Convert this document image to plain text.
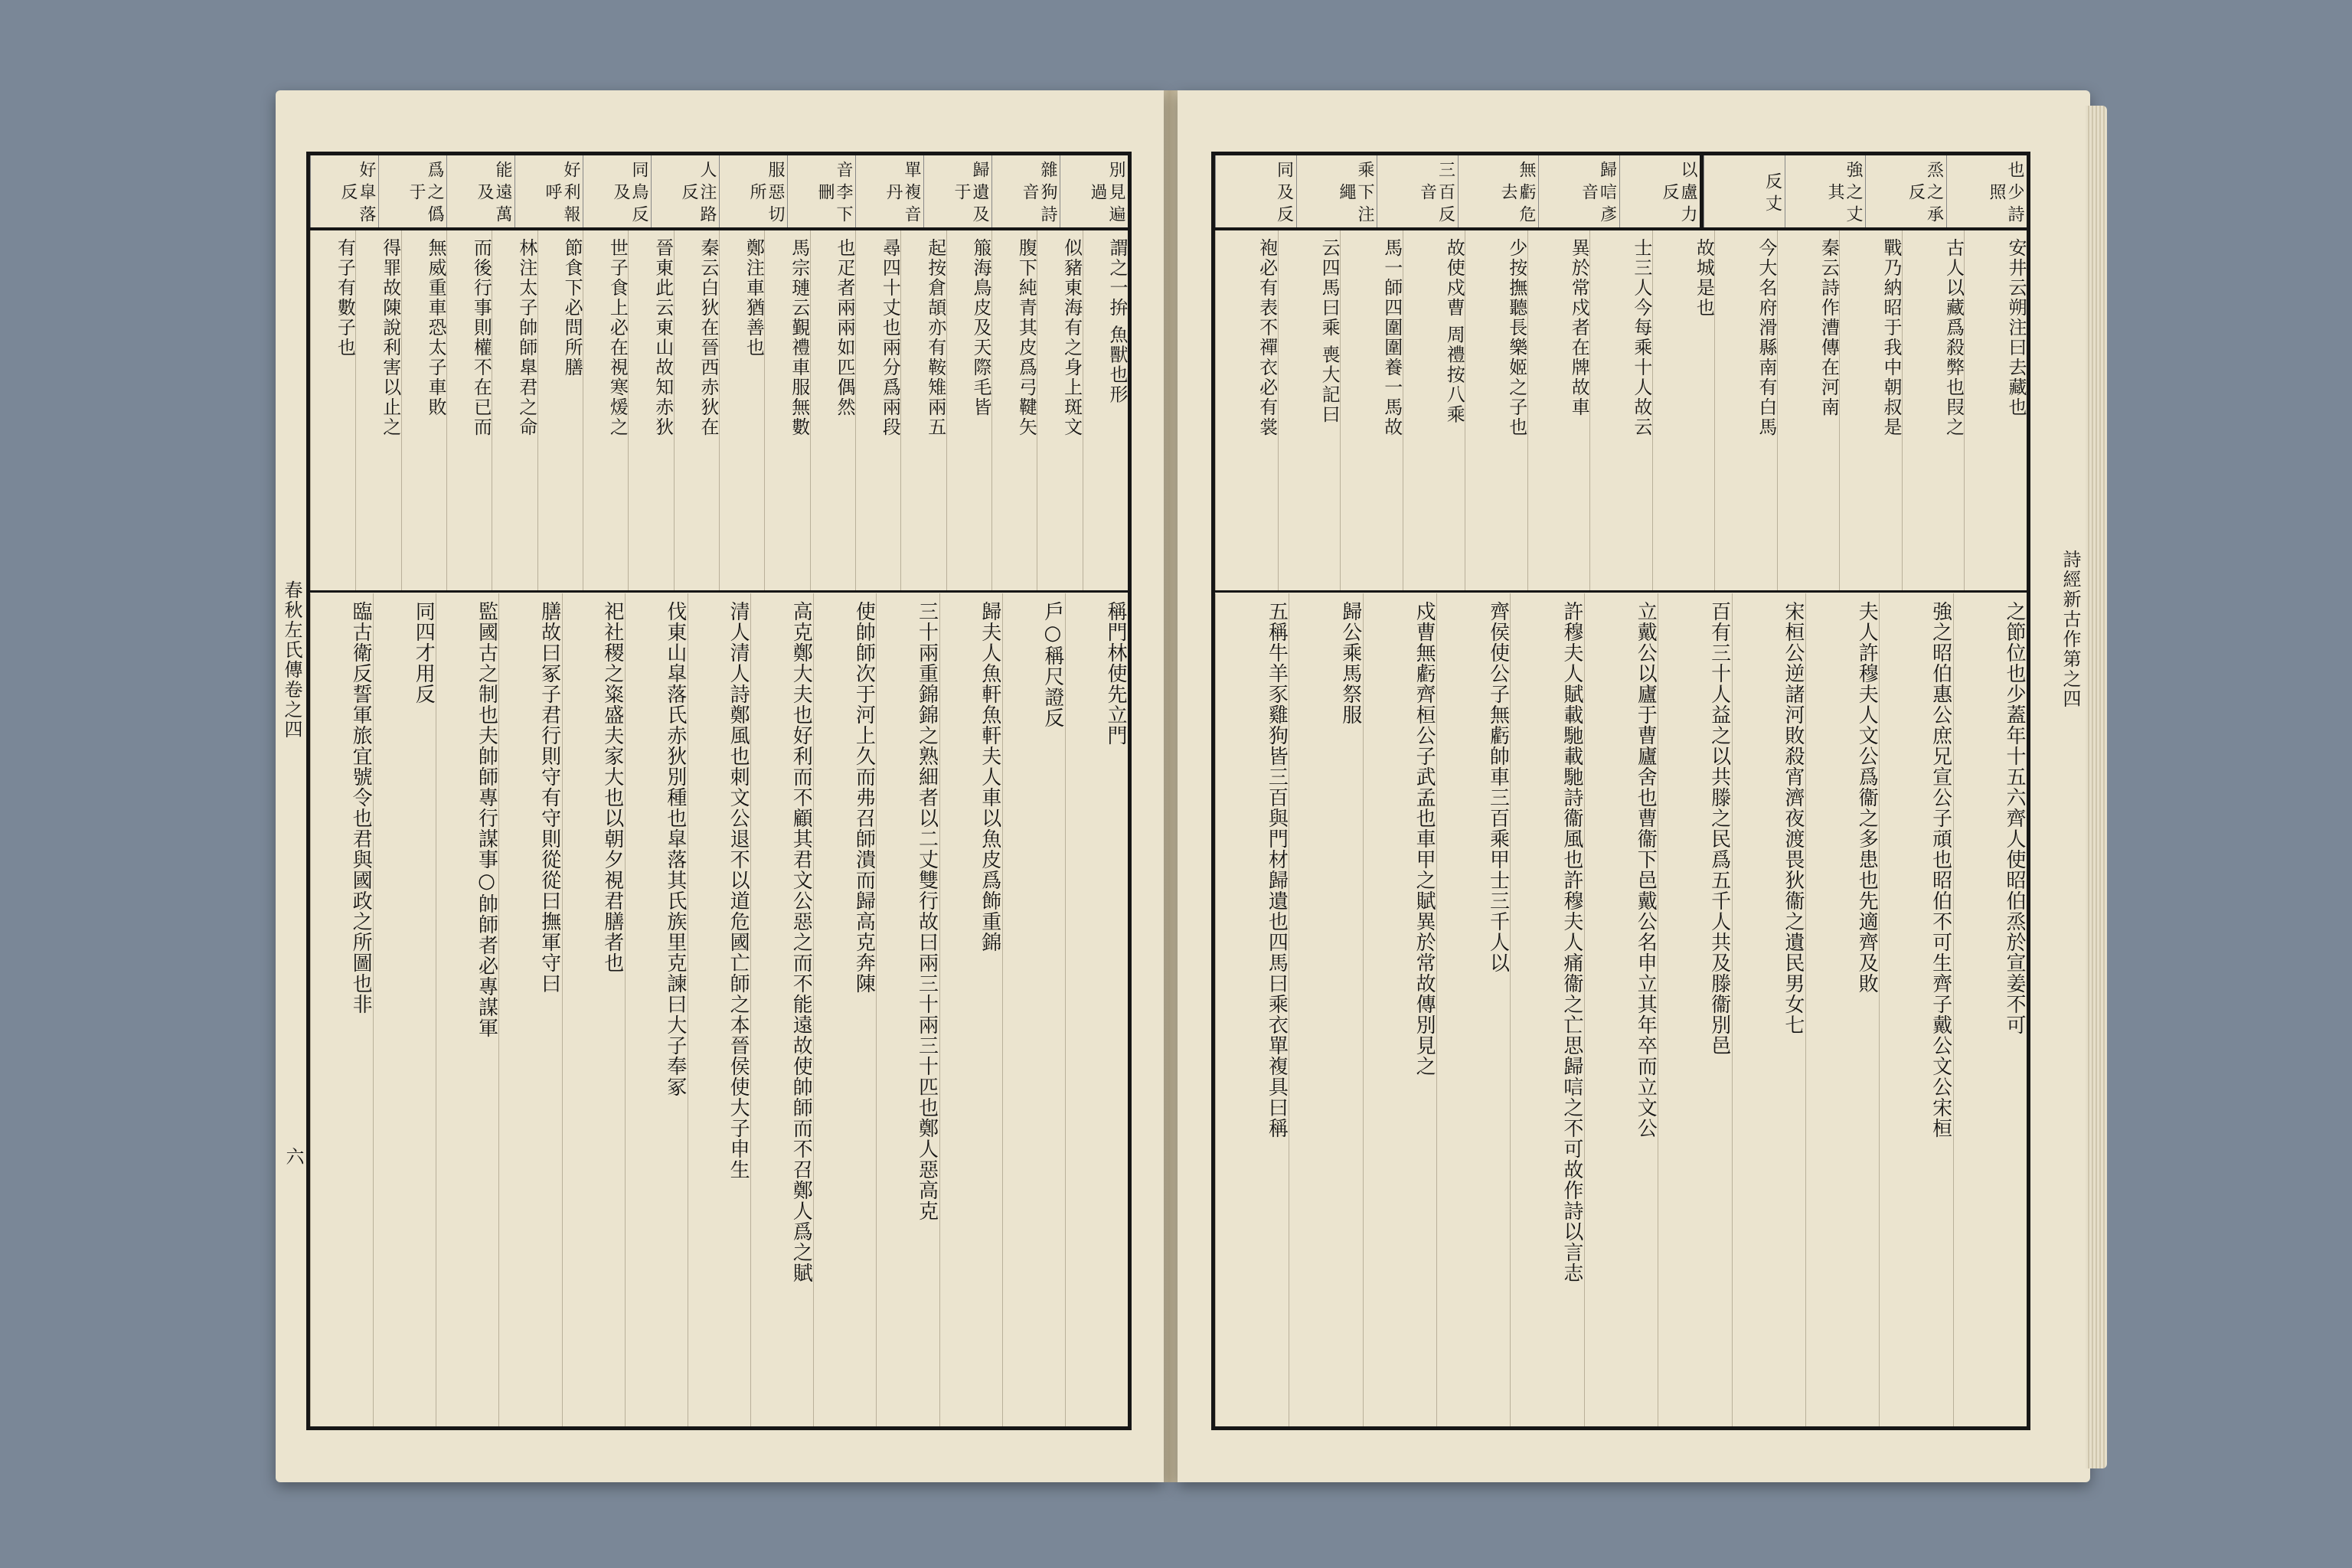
春秋左氏傳卷之四
六
別 見 遍 過
雜 狗 詩 音
歸 遺 及 于
單 複 音 丹
音 李 下 刪
服 惡 切 所
人 注 路 反
同 鳥 反 及
好 利 報 呼
能 遠 萬 及
爲 之 僞 于
好 皐 落 反
謂之一拚 魚獸也形
似豬東海有之身上斑文
腹下純青其皮爲弓鞬矢
箙海鳥皮及天際毛皆
起按倉頡亦有鞍雉兩五
尋四十丈也兩分爲兩段
也疋者兩兩如匹偶然
馬宗璉云覲禮車服無數
鄭注車猶善也
秦云白狄在晉西赤狄在
晉東此云東山故知赤狄
世子食上必在視寒煖之
節食下必問所膳
林注太子帥師臯君之命
而後行事則權不在已而
無威重車恐太子車敗
得罪故陳說利害以止之
有子有數子也
稱門林使先立門
戶○稱尺證反
歸夫人魚軒魚軒夫人車以魚皮爲飾重錦
三十兩重錦錦之熟細者以二丈雙行故曰兩三十兩三十匹也鄭人惡高克
使帥師次于河上久而弗召師潰而歸高克奔陳
高克鄭大夫也好利而不顧其君文公惡之而不能遠故使帥師而不召鄭人爲之賦
清人清人詩鄭風也刺文公退不以道危國亡師之本晉侯使大子申生
伐東山皐落氏赤狄別種也皐落其氏族里克諫曰大子奉冢
祀社稷之粢盛夫家大也以朝夕視君膳者也
膳故曰冢子君行則守有守則從從曰撫軍守曰
監國古之制也夫帥師專行謀事○帥師者必專謀軍
同四才用反
臨古衛反誓軍旅宜號令也君與國政之所圖也非	詩經新古作第之四
也 少 詩 照
烝 之 承 反
強 之 丈 其
反 丈
以 盧 力 反
歸 唁 彥 音
無 虧 危 去
三 百 反 音
乘 下 注 繩
同 及 反
安井云朔注曰去藏也
古人以藏爲殺弊也叚之
戰乃納昭于我中朝叔是
秦云詩作漕傳在河南
今大名府滑縣南有白馬
故城是也
士三人今每乘十人故云
異於常戍者在牌故車
少按撫聽長樂姬之子也
故使戍曹 周禮按八乘
馬一師四圍圍養一馬故
云四馬曰乘 喪大記曰
袍必有表不禪衣必有裳
之節位也少蓋年十五六齊人使昭伯烝於宣姜不可
強之昭伯惠公庶兄宣公子頑也昭伯不可生齊子戴公文公宋桓
夫人許穆夫人文公爲衞之多患也先適齊及敗
宋桓公逆諸河敗殺宵濟夜渡畏狄衞之遺民男女七
百有三十人益之以共滕之民爲五千人共及滕衞別邑
立戴公以廬于曹廬舍也曹衞下邑戴公名申立其年卒而立文公
許穆夫人賦載馳載馳詩衞風也許穆夫人痛衞之亡思歸唁之不可故作詩以言志
齊侯使公子無虧帥車三百乘甲士三千人以
戍曹無虧齊桓公子武孟也車甲之賦異於常故傳別見之
歸公乘馬祭服
五稱牛羊豕雞狗皆三百與門材歸遺也四馬曰乘衣單複具曰稱
